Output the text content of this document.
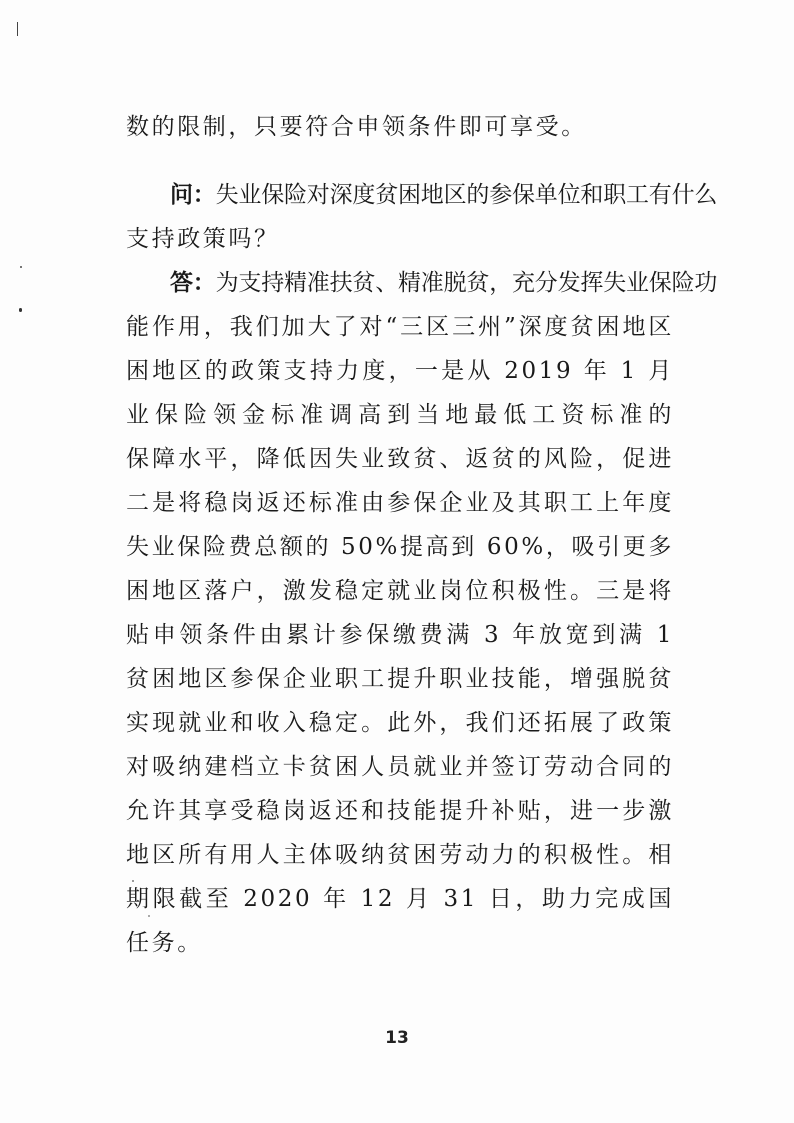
数的限制，只要符合申领条件即可享受。
问：失业保险对深度贫困地区的参保单位和职工有什么
支持政策吗？
答：为支持精准扶贫、精准脱贫，充分发挥失业保险功
能作用，我们加大了对“三区三州”深度贫困地区
困地区的政策支持力度，一是从 2019 年 1 月
业保险领金标准调高到当地最低工资标准的
保障水平，降低因失业致贫、返贫的风险，促进
二是将稳岗返还标准由参保企业及其职工上年度
失业保险费总额的 50%提高到 60%，吸引更多
困地区落户，激发稳定就业岗位积极性。三是将
贴申领条件由累计参保缴费满 3 年放宽到满 1
贫困地区参保企业职工提升职业技能，增强脱贫
实现就业和收入稳定。此外，我们还拓展了政策
对吸纳建档立卡贫困人员就业并签订劳动合同的
允许其享受稳岗返还和技能提升补贴，进一步激
地区所有用人主体吸纳贫困劳动力的积极性。相
期限截至 2020 年 12 月 31 日，助力完成国
任务。
13
